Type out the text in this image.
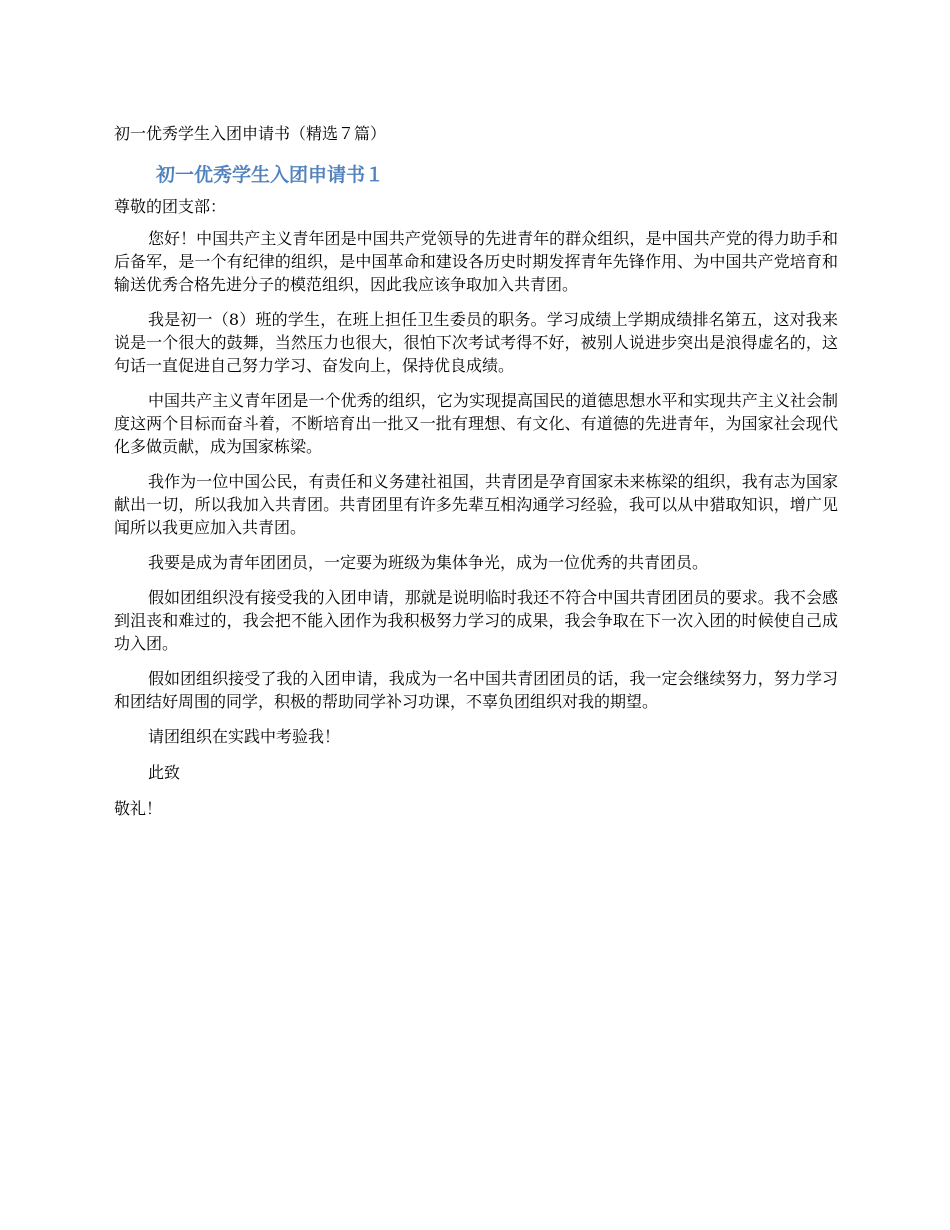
初一优秀学生入团申请书（精选７篇）

初一优秀学生入团申请书１

尊敬的团支部：

您好！中国共产主义青年团是中国共产党领导的先进青年的群众组织，是中国共产党的得力助手和后备军，是一个有纪律的组织，是中国革命和建设各历史时期发挥青年先锋作用、为中国共产党培育和输送优秀合格先进分子的模范组织，因此我应该争取加入共青团。

我是初一（8）班的学生，在班上担任卫生委员的职务。学习成绩上学期成绩排名第五，这对我来说是一个很大的鼓舞，当然压力也很大，很怕下次考试考得不好，被别人说进步突出是浪得虚名的，这句话一直促进自己努力学习、奋发向上，保持优良成绩。

中国共产主义青年团是一个优秀的组织，它为实现提高国民的道德思想水平和实现共产主义社会制度这两个目标而奋斗着，不断培育出一批又一批有理想、有文化、有道德的先进青年，为国家社会现代化多做贡献，成为国家栋梁。

我作为一位中国公民，有责任和义务建社祖国，共青团是孕育国家未来栋梁的组织，我有志为国家献出一切，所以我加入共青团。共青团里有许多先辈互相沟通学习经验，我可以从中猎取知识，增广见闻所以我更应加入共青团。

我要是成为青年团团员，一定要为班级为集体争光，成为一位优秀的共青团员。

假如团组织没有接受我的入团申请，那就是说明临时我还不符合中国共青团团员的要求。我不会感到沮丧和难过的，我会把不能入团作为我积极努力学习的成果，我会争取在下一次入团的时候使自己成功入团。

假如团组织接受了我的入团申请，我成为一名中国共青团团员的话，我一定会继续努力，努力学习和团结好周围的同学，积极的帮助同学补习功课，不辜负团组织对我的期望。

请团组织在实践中考验我！

此致

敬礼！
